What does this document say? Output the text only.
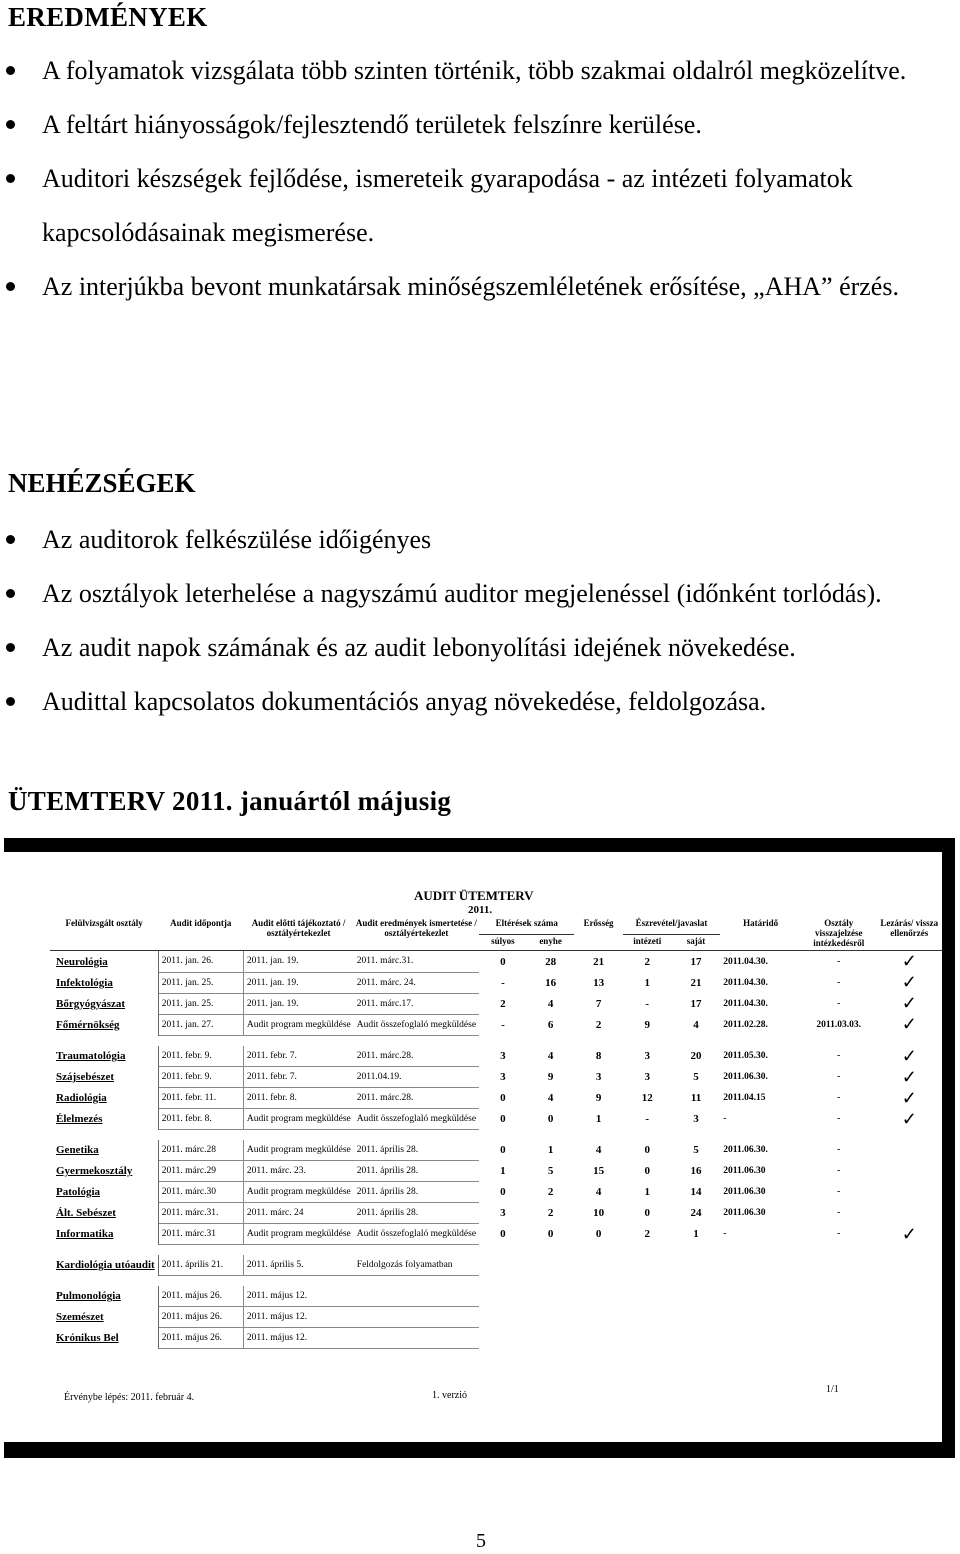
EREDMÉNYEK
A folyamatok vizsgálata több szinten történik, több szakmai oldalról megközelítve.
A feltárt hiányosságok/fejlesztendő területek felszínre kerülése.
Auditori készségek fejlődése, ismereteik gyarapodása - az intézeti folyamatok kapcsolódásainak megismerése.
Az interjúkba bevont munkatársak minőségszemléletének erősítése, „AHA” érzés.
NEHÉZSÉGEK
Az auditorok felkészülése időigényes
Az osztályok leterhelése a nagyszámú auditor megjelenéssel (időnként torlódás).
Az audit napok számának és az audit lebonyolítási idejének növekedése.
Audittal kapcsolatos dokumentációs anyag növekedése, feldolgozása.
ÜTEMTERV 2011. januártól májusig
AUDIT ÜTEMTERV
2011.
Felülvizsgált osztály	Audit időpontja	Audit előtti tájékoztató / osztályértekezlet	Audit eredmények ismertetése / osztályértekezlet	Eltérések száma		Erősség	Észrevétel/javaslat		Határidő	Osztály visszajelzése intézkedésről	Lezárás/ vissza ellenőrzés
				súlyos	enyhe		intézeti	saját			
Neurológia	2011. jan. 26.	2011. jan. 19.	2011. márc.31.	0	28	21	2	17	2011.04.30.	-	✓
Infektológia	2011. jan. 25.	2011. jan. 19.	2011. márc. 24.	-	16	13	1	21	2011.04.30.	-	✓
Bőrgyógyászat	2011. jan. 25.	2011. jan. 19.	2011. márc.17.	2	4	7	-	17	2011.04.30.	-	✓
Főmérnökség	2011. jan. 27.	Audit program megküldése	Audit összefoglaló megküldése	-	6	2	9	4	2011.02.28.	2011.03.03.	✓

Traumatológia	2011. febr. 9.	2011. febr. 7.	2011. márc.28.	3	4	8	3	20	2011.05.30.	-	✓
Szájsebészet	2011. febr. 9.	2011. febr. 7.	2011.04.19.	3	9	3	3	5	2011.06.30.	-	✓
Radiológia	2011. febr. 11.	2011. febr. 8.	2011. márc.28.	0	4	9	12	11	2011.04.15	-	✓
Élelmezés	2011. febr. 8.	Audit program megküldése	Audit összefoglaló megküldése	0	0	1	-	3	-	-	✓

Genetika	2011. márc.28	Audit program megküldése	2011. április 28.	0	1	4	0	5	2011.06.30.	-	
Gyermekosztály	2011. márc.29	2011. márc. 23.	2011. április 28.	1	5	15	0	16	2011.06.30	-	
Patológia	2011. márc.30	Audit program megküldése	2011. április 28.	0	2	4	1	14	2011.06.30	-	
Ált. Sebészet	2011. márc.31.	2011. márc. 24	2011. április 28.	3	2	10	0	24	2011.06.30	-	
Informatika	2011. márc.31	Audit program megküldése	Audit összefoglaló megküldése	0	0	0	2	1	-	-	✓

Kardiológia utóaudit	2011. április 21.	2011. április 5.	Feldolgozás folyamatban								

Pulmonológia	2011. május 26.	2011. május 12.									
Szemészet	2011. május 26.	2011. május 12.									
Krónikus Bel	2011. május 26.	2011. május 12.									
Érvénybe lépés: 2011. február 4.	1. verzió
1/1
5
